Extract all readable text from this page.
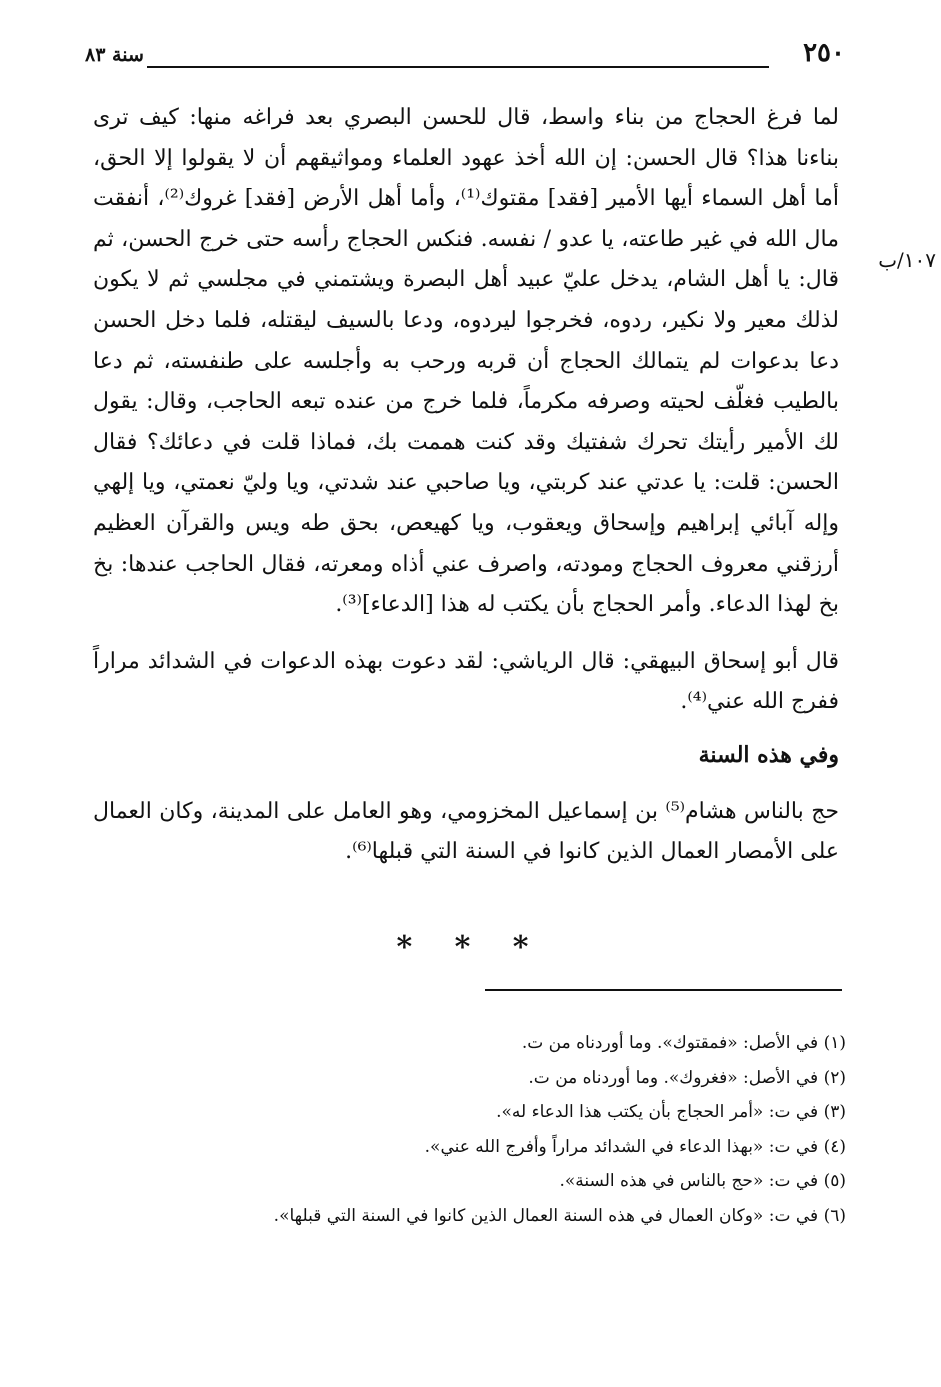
٢٥٠
سنة ٨٣
١٠٧/ب

لما فرغ الحجاج من بناء واسط، قال للحسن البصري بعد فراغه منها: كيف ترى بناءنا هذا؟ قال الحسن: إن الله أخذ عهود العلماء ومواثيقهم أن لا يقولوا إلا الحق، أما أهل السماء أيها الأمير [فقد] مقتوك⁽¹⁾، وأما أهل الأرض [فقد] غروك⁽²⁾، أنفقت مال الله في غير طاعته، يا عدو / نفسه. فنكس الحجاج رأسه حتى خرج الحسن، ثم قال: يا أهل الشام، يدخل عليّ عبيد أهل البصرة ويشتمني في مجلسي ثم لا يكون لذلك معير ولا نكير، ردوه، فخرجوا ليردوه، ودعا بالسيف ليقتله، فلما دخل الحسن دعا بدعوات لم يتمالك الحجاج أن قربه ورحب به وأجلسه على طنفسته، ثم دعا بالطيب فغلّف لحيته وصرفه مكرماً، فلما خرج من عنده تبعه الحاجب، وقال: يقول لك الأمير رأيتك تحرك شفتيك وقد كنت هممت بك، فماذا قلت في دعائك؟ فقال الحسن: قلت: يا عدتي عند كربتي، ويا صاحبي عند شدتي، ويا وليّ نعمتي، ويا إلهي وإله آبائي إبراهيم وإسحاق ويعقوب، ويا كهيعص، بحق طه ويس والقرآن العظيم أرزقني معروف الحجاج ومودته، واصرف عني أذاه ومعرته، فقال الحاجب عندها: بخ بخ لهذا الدعاء. وأمر الحجاج بأن يكتب له هذا [الدعاء]⁽³⁾.

قال أبو إسحاق البيهقي: قال الرياشي: لقد دعوت بهذه الدعوات في الشدائد مراراً ففرج الله عني⁽⁴⁾.

وفي هذه السنة

حج بالناس هشام⁽⁵⁾ بن إسماعيل المخزومي، وهو العامل على المدينة، وكان العمال على الأمصار العمال الذين كانوا في السنة التي قبلها⁽⁶⁾.

* * *

(١) في الأصل: «فمقتوك». وما أوردناه من ت.

(٢) في الأصل: «فغروك». وما أوردناه من ت.

(٣) في ت: «أمر الحجاج بأن يكتب هذا الدعاء له».

(٤) في ت: «بهذا الدعاء في الشدائد مراراً وأفرج الله عني».

(٥) في ت: «حج بالناس في هذه السنة».

(٦) في ت: «وكان العمال في هذه السنة العمال الذين كانوا في السنة التي قبلها».
